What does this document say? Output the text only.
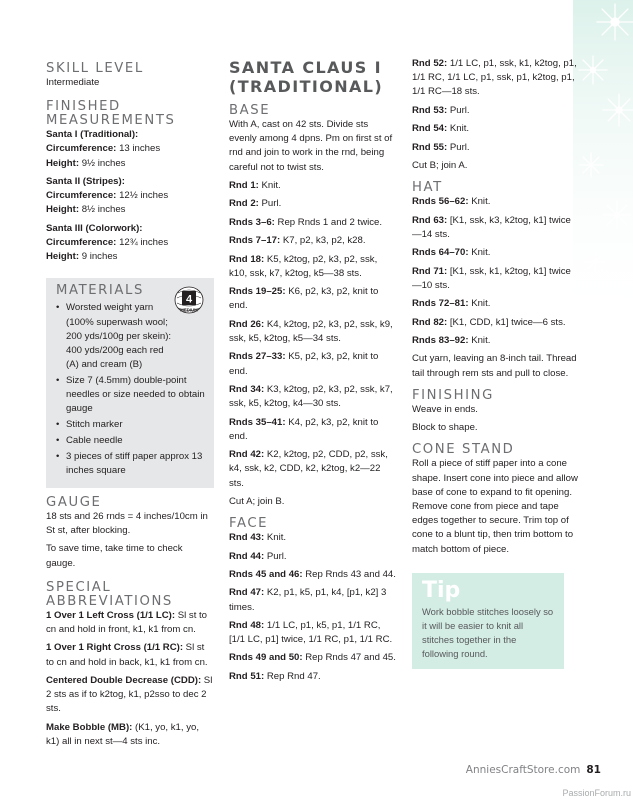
SKILL LEVEL
Intermediate
FINISHED
MEASUREMENTS
Santa I (Traditional):
Circumference: 13 inches
Height: 9½ inches
Santa II (Stripes):
Circumference: 12½ inches
Height: 8½ inches
Santa III (Colorwork):
Circumference: 12¾ inches
Height: 9 inches
MATERIALS
4
MEDIUM
• Worsted weight yarn (100% superwash wool; 200 yds/100g per skein): 400 yds/200g each red (A) and cream (B)
• Size 7 (4.5mm) double-point needles or size needed to obtain gauge
• Stitch marker
• Cable needle
• 3 pieces of stiff paper approx 13 inches square
GAUGE
18 sts and 26 rnds = 4 inches/10cm in St st, after blocking.
To save time, take time to check gauge.
SPECIAL
ABBREVIATIONS
1 Over 1 Left Cross (1/1 LC): Sl st to cn and hold in front, k1, k1 from cn.
1 Over 1 Right Cross (1/1 RC): Sl st to cn and hold in back, k1, k1 from cn.
Centered Double Decrease (CDD): Sl 2 sts as if to k2tog, k1, p2sso to dec 2 sts.
Make Bobble (MB): (K1, yo, k1, yo, k1) all in next st—4 sts inc.
SANTA CLAUS I
(TRADITIONAL)
BASE
With A, cast on 42 sts. Divide sts evenly among 4 dpns. Pm on first st of rnd and join to work in the rnd, being careful not to twist sts.
Rnd 1: Knit.
Rnd 2: Purl.
Rnds 3–6: Rep Rnds 1 and 2 twice.
Rnds 7–17: K7, p2, k3, p2, k28.
Rnd 18: K5, k2tog, p2, k3, p2, ssk, k10, ssk, k7, k2tog, k5—38 sts.
Rnds 19–25: K6, p2, k3, p2, knit to end.
Rnd 26: K4, k2tog, p2, k3, p2, ssk, k9, ssk, k5, k2tog, k5—34 sts.
Rnds 27–33: K5, p2, k3, p2, knit to end.
Rnd 34: K3, k2tog, p2, k3, p2, ssk, k7, ssk, k5, k2tog, k4—30 sts.
Rnds 35–41: K4, p2, k3, p2, knit to end.
Rnd 42: K2, k2tog, p2, CDD, p2, ssk, k4, ssk, k2, CDD, k2, k2tog, k2—22 sts.
Cut A; join B.
FACE
Rnd 43: Knit.
Rnd 44: Purl.
Rnds 45 and 46: Rep Rnds 43 and 44.
Rnd 47: K2, p1, k5, p1, k4, [p1, k2] 3 times.
Rnd 48: 1/1 LC, p1, k5, p1, 1/1 RC, [1/1 LC, p1] twice, 1/1 RC, p1, 1/1 RC.
Rnds 49 and 50: Rep Rnds 47 and 45.
Rnd 51: Rep Rnd 47.
Rnd 52: 1/1 LC, p1, ssk, k1, k2tog, p1, 1/1 RC, 1/1 LC, p1, ssk, p1, k2tog, p1, 1/1 RC—18 sts.
Rnd 53: Purl.
Rnd 54: Knit.
Rnd 55: Purl.
Cut B; join A.
HAT
Rnds 56–62: Knit.
Rnd 63: [K1, ssk, k3, k2tog, k1] twice—14 sts.
Rnds 64–70: Knit.
Rnd 71: [K1, ssk, k1, k2tog, k1] twice—10 sts.
Rnds 72–81: Knit.
Rnd 82: [K1, CDD, k1] twice—6 sts.
Rnds 83–92: Knit.
Cut yarn, leaving an 8-inch tail. Thread tail through rem sts and pull to close.
FINISHING
Weave in ends.
Block to shape.
CONE STAND
Roll a piece of stiff paper into a cone shape. Insert cone into piece and allow base of cone to expand to fit opening. Remove cone from piece and tape edges together to secure. Trim top of cone to a blunt tip, then trim bottom to match bottom of piece.
Tip
Work bobble stitches loosely so it will be easier to knit all stitches together in the following round.
AnniesCraftStore.com 81
PassionForum.ru
